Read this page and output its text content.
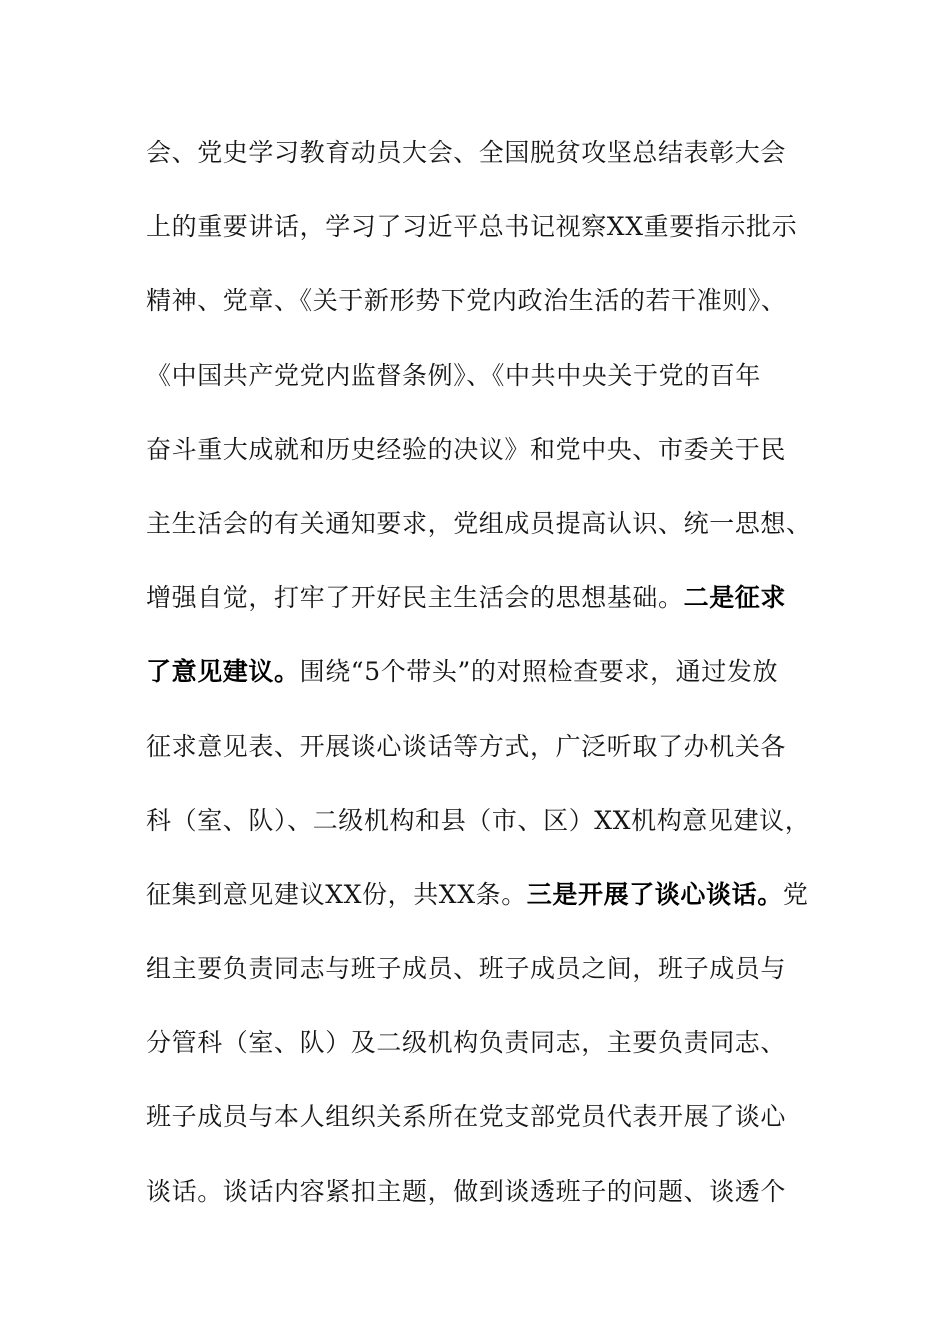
会、党史学习教育动员大会、全国脱贫攻坚总结表彰大会
上的重要讲话，学习了习近平总书记视察XX重要指示批示
精神、党章、《关于新形势下党内政治生活的若干准则》、
《中国共产党党内监督条例》、《中共中央关于党的百年
奋斗重大成就和历史经验的决议》和党中央、市委关于民
主生活会的有关通知要求，党组成员提高认识、统一思想、
增强自觉，打牢了开好民主生活会的思想基础。二是征求
了意见建议。围绕“5个带头”的对照检查要求，通过发放
征求意见表、开展谈心谈话等方式，广泛听取了办机关各
科（室、队）、二级机构和县（市、区）XX机构意见建议，
征集到意见建议XX份，共XX条。三是开展了谈心谈话。党
组主要负责同志与班子成员、班子成员之间，班子成员与
分管科（室、队）及二级机构负责同志，主要负责同志、
班子成员与本人组织关系所在党支部党员代表开展了谈心
谈话。谈话内容紧扣主题，做到谈透班子的问题、谈透个
